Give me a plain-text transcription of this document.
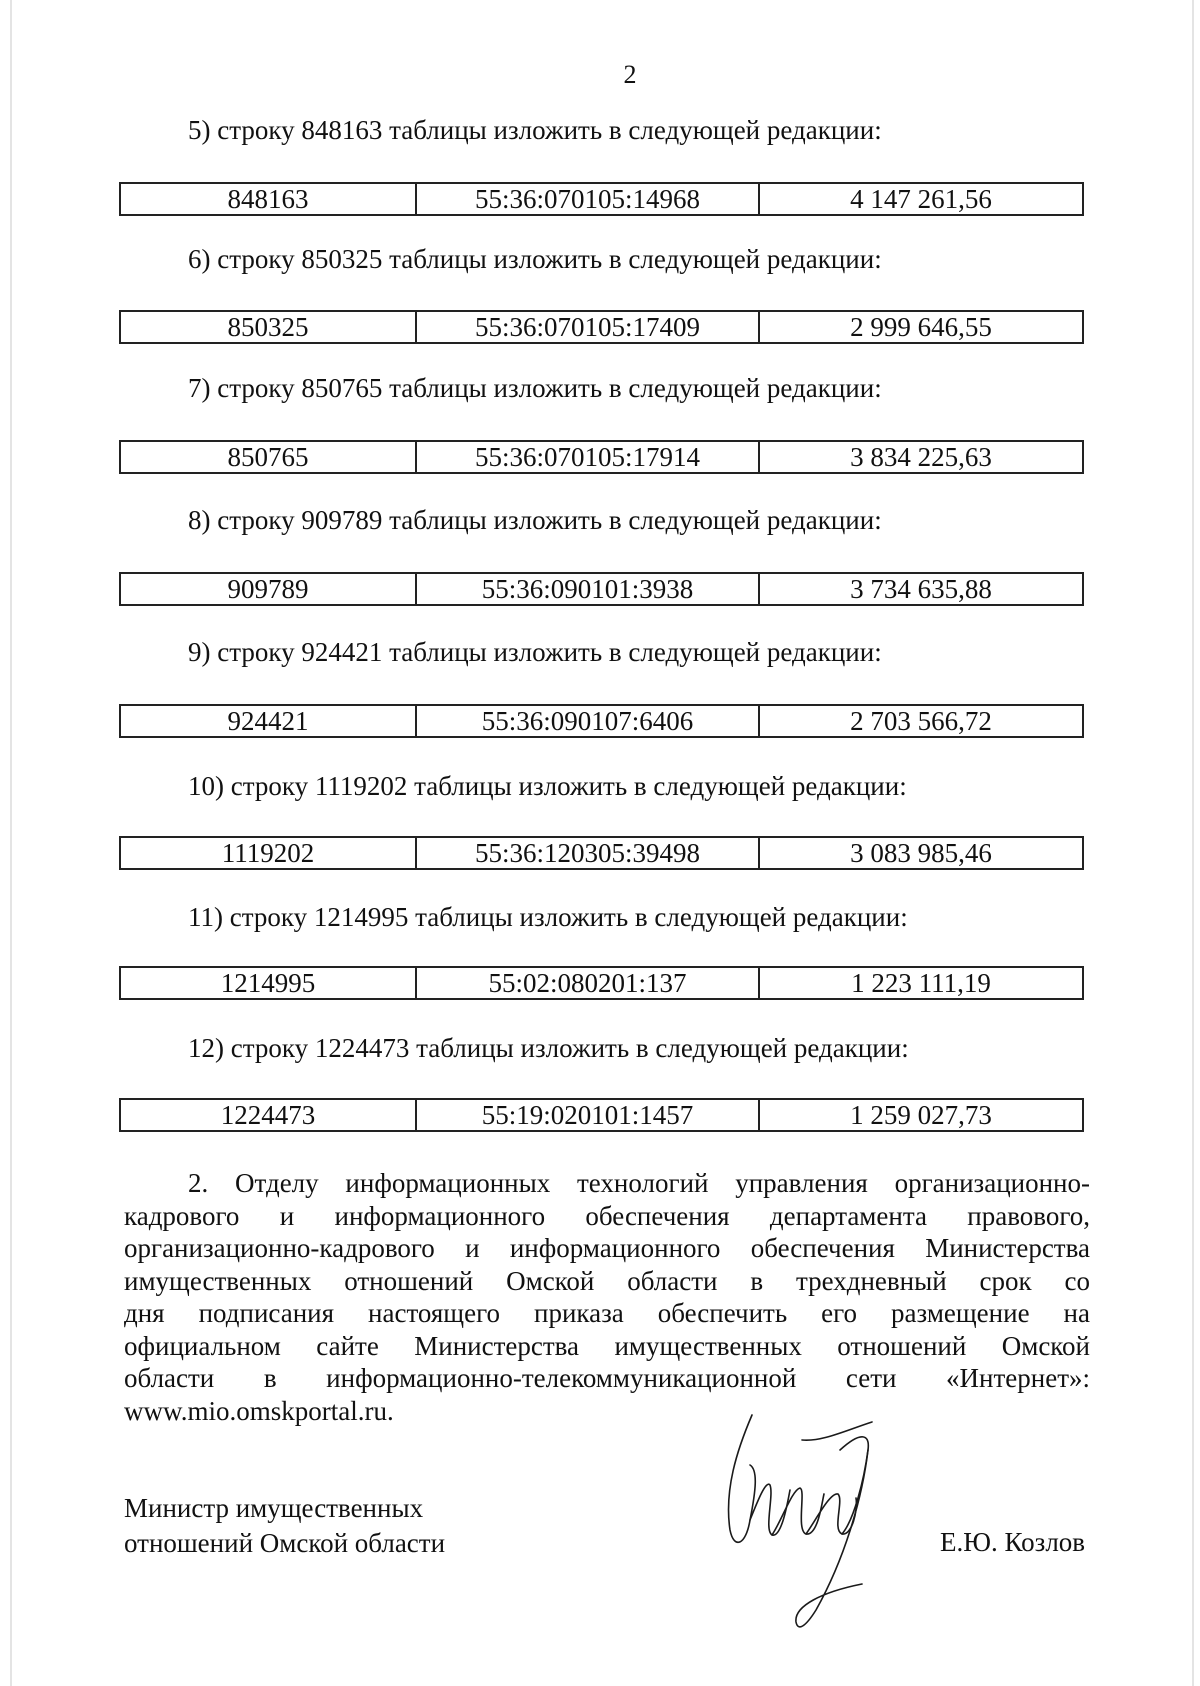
2
5) строку 848163 таблицы изложить в следующей редакции:
848163	55:36:070105:14968	4 147 261,56
6) строку 850325 таблицы изложить в следующей редакции:
850325	55:36:070105:17409	2 999 646,55
7) строку 850765 таблицы изложить в следующей редакции:
850765	55:36:070105:17914	3 834 225,63
8) строку 909789 таблицы изложить в следующей редакции:
909789	55:36:090101:3938	3 734 635,88
9) строку 924421 таблицы изложить в следующей редакции:
924421	55:36:090107:6406	2 703 566,72
10) строку 1119202 таблицы изложить в следующей редакции:
1119202	55:36:120305:39498	3 083 985,46
11) строку 1214995 таблицы изложить в следующей редакции:
1214995	55:02:080201:137	1 223 111,19
12) строку 1224473 таблицы изложить в следующей редакции:
1224473	55:19:020101:1457	1 259 027,73
2. Отделу информационных технологий управления организационно-
кадрового и информационного обеспечения департамента правового,
организационно-кадрового и информационного обеспечения Министерства
имущественных отношений Омской области в трехдневный срок со
дня подписания настоящего приказа обеспечить его размещение на
официальном сайте Министерства имущественных отношений Омской
области в информационно-телекоммуникационной сети «Интернет»:
www.mio.omskportal.ru.
Министр имущественных
отношений Омской области	Е.Ю. Козлов
